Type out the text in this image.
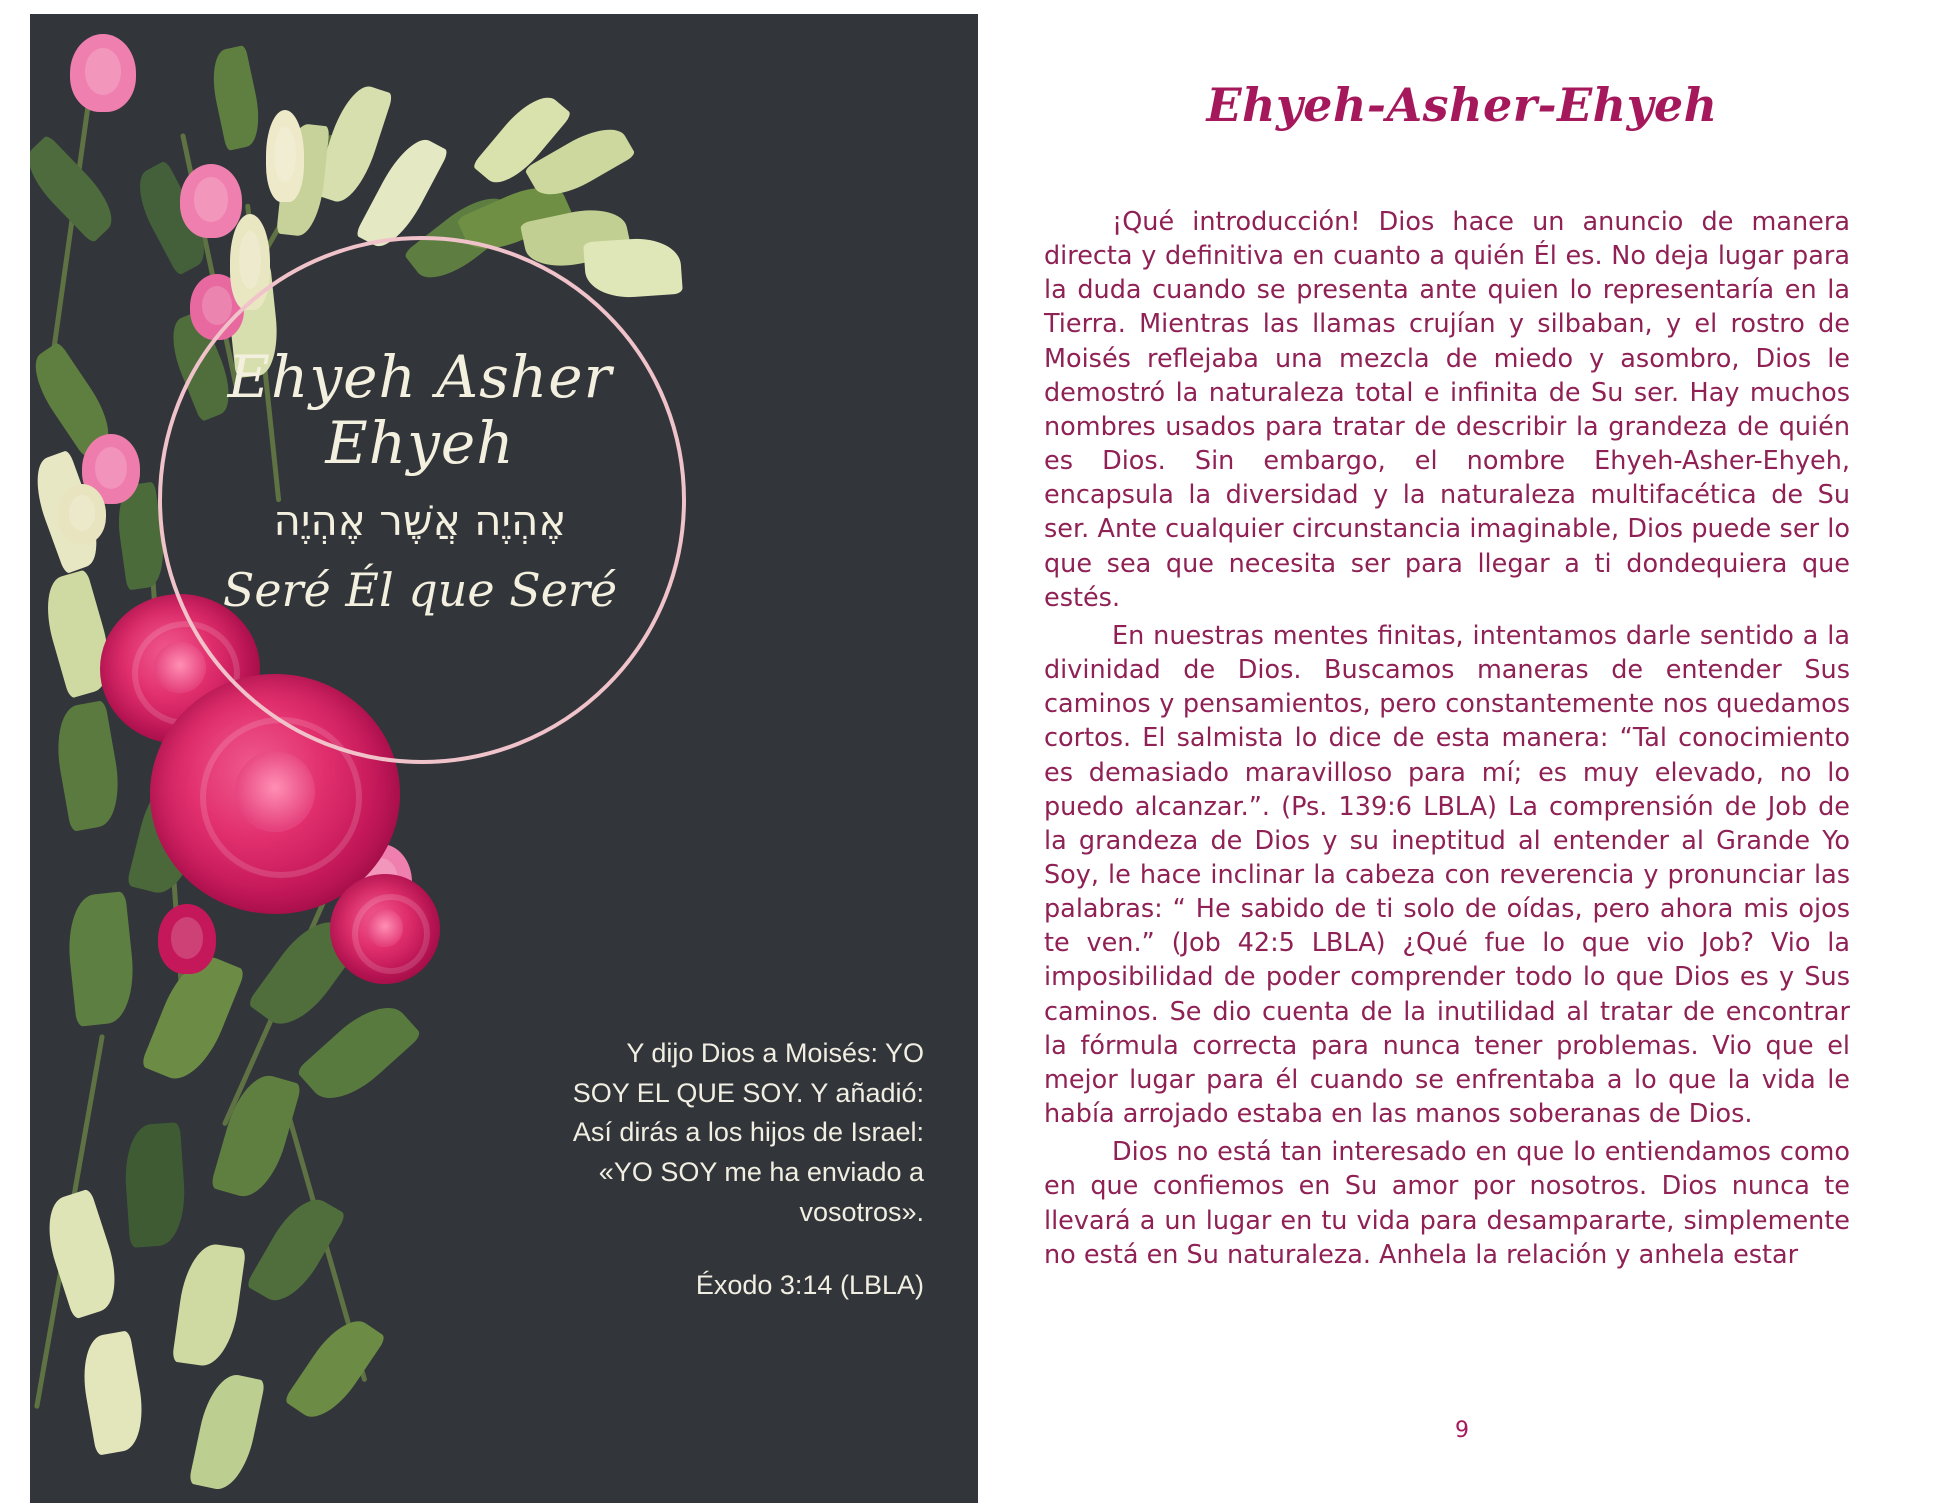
Ehyeh Asher
Ehyeh
אֶהְיֶה אֲשֶׁר אֶהְיֶה
Seré Él que Seré
Y dijo Dios a Moisés: YO SOY EL QUE SOY. Y añadió: Así dirás a los hijos de Israel: «YO SOY me ha enviado a vosotros».
Éxodo 3:14 (LBLA)
Ehyeh-Asher-Ehyeh

¡Qué introducción! Dios hace un anuncio de manera directa y definitiva en cuanto a quién Él es. No deja lugar para la duda cuando se presenta ante quien lo representaría en la Tierra. Mientras las llamas crujían y silbaban, y el rostro de Moisés reflejaba una mezcla de miedo y asombro, Dios le demostró la naturaleza total e infinita de Su ser. Hay muchos nombres usados para tratar de describir la grandeza de quién es Dios. Sin embargo, el nombre Ehyeh-Asher-Ehyeh, encapsula la diversidad y la naturaleza multifacética de Su ser. Ante cualquier circunstancia imaginable, Dios puede ser lo que sea que necesita ser para llegar a ti dondequiera que estés.

En nuestras mentes finitas, intentamos darle sentido a la divinidad de Dios. Buscamos maneras de entender Sus caminos y pensamientos, pero constantemente nos quedamos cortos. El salmista lo dice de esta manera: “Tal conocimiento es demasiado maravilloso para mí; es muy elevado, no lo puedo alcanzar.”. (Ps. 139:6 LBLA) La comprensión de Job de la grandeza de Dios y su ineptitud al entender al Grande Yo Soy, le hace inclinar la cabeza con reverencia y pronunciar las palabras: “ He sabido de ti solo de oídas, pero ahora mis ojos te ven.” (Job 42:5 LBLA) ¿Qué fue lo que vio Job? Vio la imposibilidad de poder comprender todo lo que Dios es y Sus caminos. Se dio cuenta de la inutilidad al tratar de encontrar la fórmula correcta para nunca tener problemas. Vio que el mejor lugar para él cuando se enfrentaba a lo que la vida le había arrojado estaba en las manos soberanas de Dios.

Dios no está tan interesado en que lo entiendamos como en que confiemos en Su amor por nosotros. Dios nunca te llevará a un lugar en tu vida para desampararte, simplemente no está en Su naturaleza. Anhela la relación y anhela estar

9
